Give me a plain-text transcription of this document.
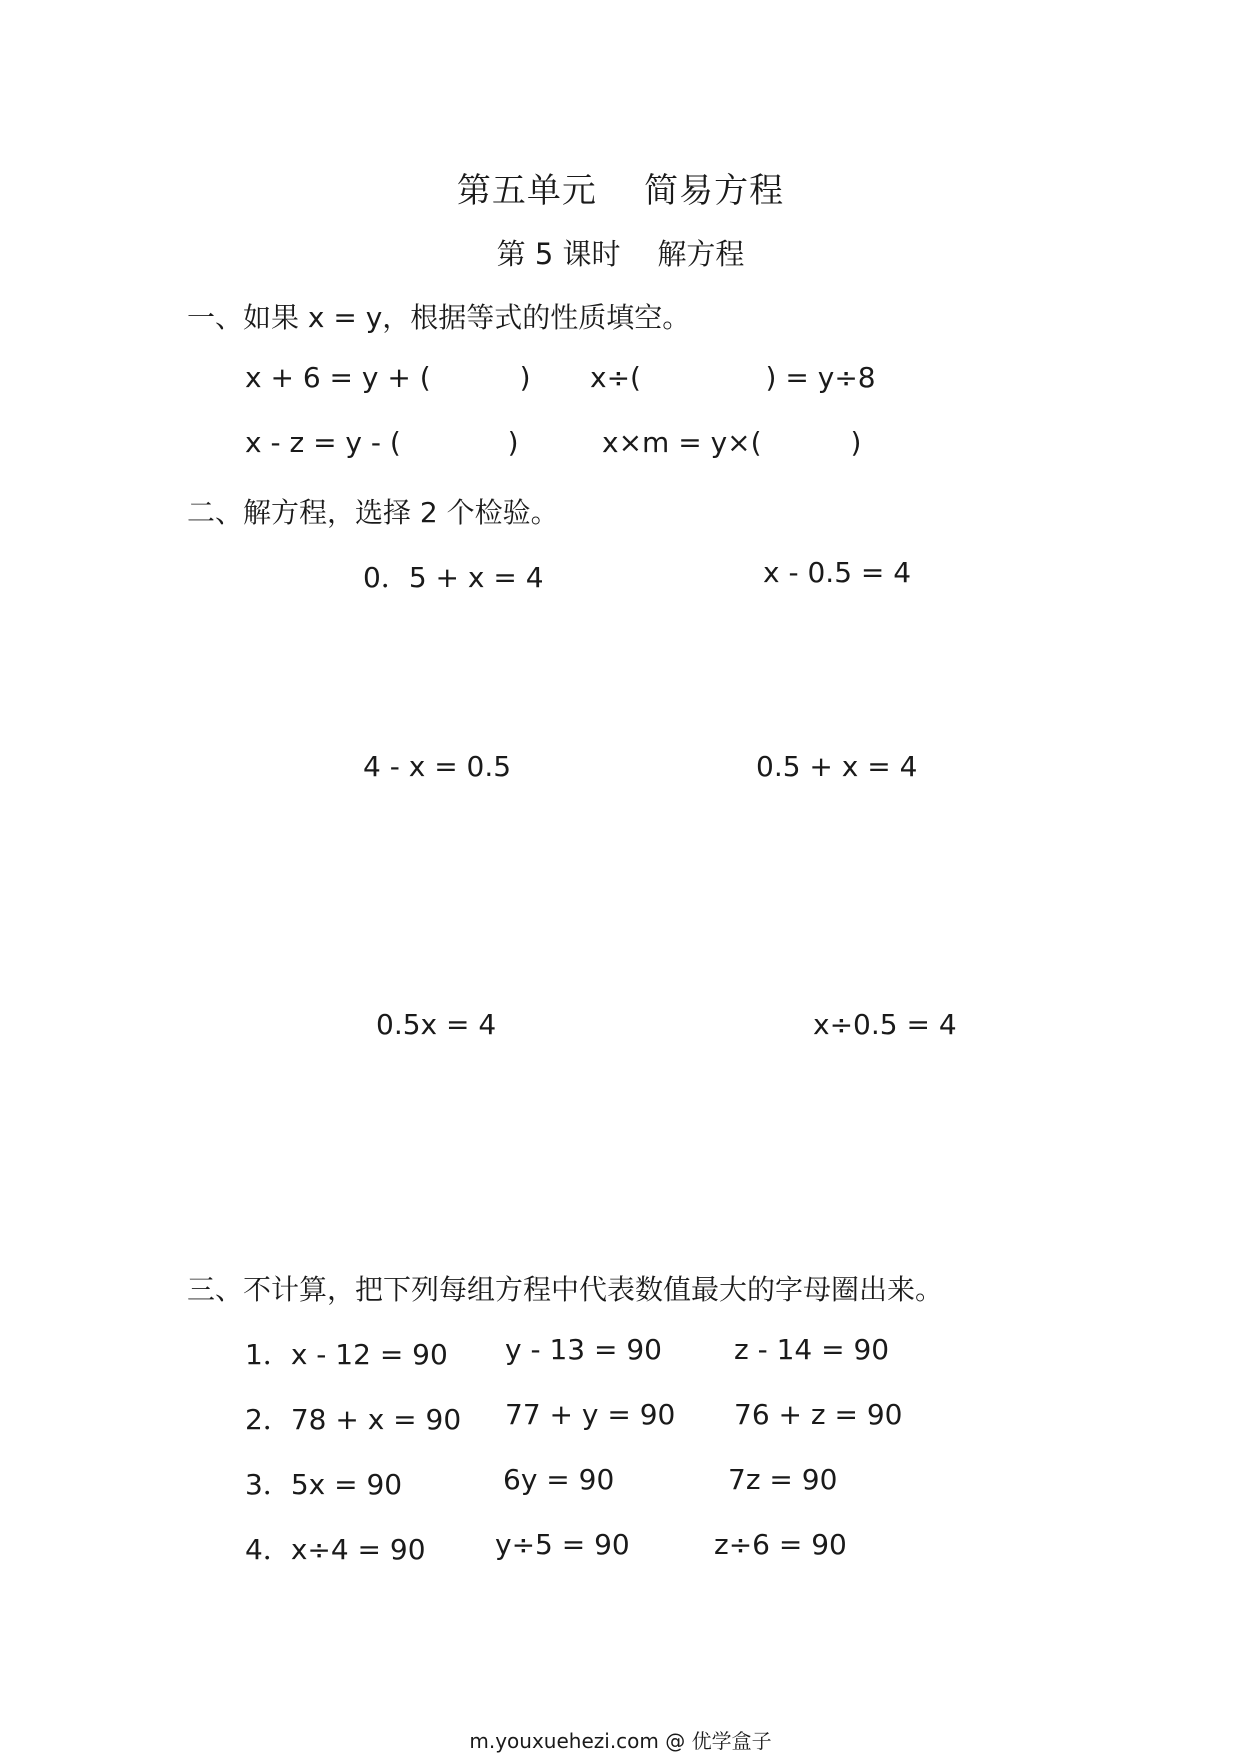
第五单元    简易方程
第 5 课时    解方程
一、如果 x = y，根据等式的性质填空。
x + 6 = y + (          ) x÷(              ) = y÷8
x - z = y - (            )	x×m = y×(          )
二、解方程，选择 2 个检验。
0．5 + x = 4	x - 0.5 = 4
4 - x = 0.5	0.5 + x = 4
0.5x = 4	x÷0.5 = 4
三、不计算，把下列每组方程中代表数值最大的字母圈出来。
1．x - 12 = 90 y - 13 = 90	z - 14 = 90
2．78 + x = 90 77 + y = 90 76 + z = 90
3．5x = 90	6y = 90	7z = 90
4．x÷4 = 90 y÷5 = 90	z÷6 = 90
m.youxuehezi.com @ 优学盒子
